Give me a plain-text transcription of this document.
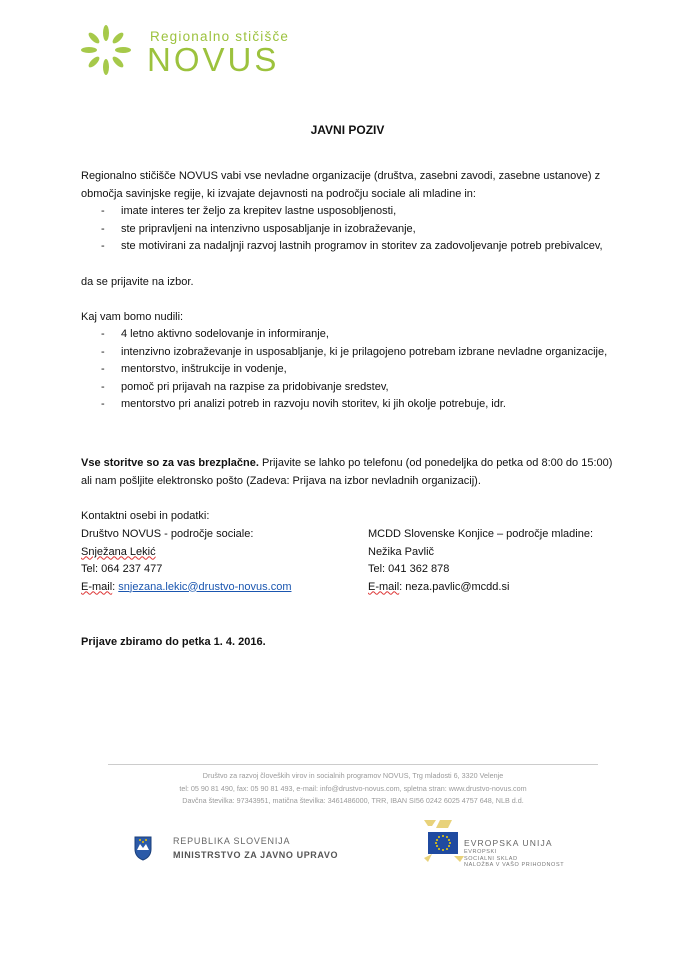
Regionalno stičišče
NOVUS
JAVNI POZIV
Regionalno stičišče NOVUS vabi vse nevladne organizacije (društva, zasebni zavodi, zasebne ustanove) z območja savinjske regije, ki izvajate dejavnosti na področju sociale ali mladine in:
- imate interes ter željo za krepitev lastne usposobljenosti,
- ste pripravljeni na intenzivno usposabljanje in izobraževanje,
- ste motivirani za nadaljnji razvoj lastnih programov in storitev za zadovoljevanje potreb prebivalcev,
da se prijavite na izbor.
Kaj vam bomo nudili:
- 4 letno aktivno sodelovanje in informiranje,
- intenzivno izobraževanje in usposabljanje, ki je prilagojeno potrebam izbrane nevladne organizacije,
- mentorstvo, inštrukcije in vodenje,
- pomoč pri prijavah na razpise za pridobivanje sredstev,
- mentorstvo pri analizi potreb in razvoju novih storitev, ki jih okolje potrebuje, idr.
Vse storitve so za vas brezplačne. Prijavite se lahko po telefonu (od ponedeljka do petka od 8:00 do 15:00) ali nam pošljite elektronsko pošto (Zadeva: Prijava na izbor nevladnih organizacij).
Kontaktni osebi in podatki:
Društvo NOVUS - področje sociale:
Snježana Lekić
Tel: 064 237 477
E-mail: snjezana.lekic@drustvo-novus.com
MCDD Slovenske Konjice – področje mladine:
Nežika Pavlič
Tel: 041 362 878
E-mail: neza.pavlic@mcdd.si
Prijave zbiramo do petka 1. 4. 2016.
Društvo za razvoj človeških virov in socialnih programov NOVUS, Trg mladosti 6, 3320 Velenje
tel: 05 90 81 490, fax: 05 90 81 493, e-mail: info@drustvo-novus.com, spletna stran: www.drustvo-novus.com
Davčna številka: 97343951, matična številka: 3461486000, TRR, IBAN SI56 0242 6025 4757 648, NLB d.d.
REPUBLIKA SLOVENIJA
MINISTRSTVO ZA JAVNO UPRAVO
EVROPSKA UNIJA
EVROPSKI
SOCIALNI SKLAD
NALOŽBA V VAŠO PRIHODNOST
